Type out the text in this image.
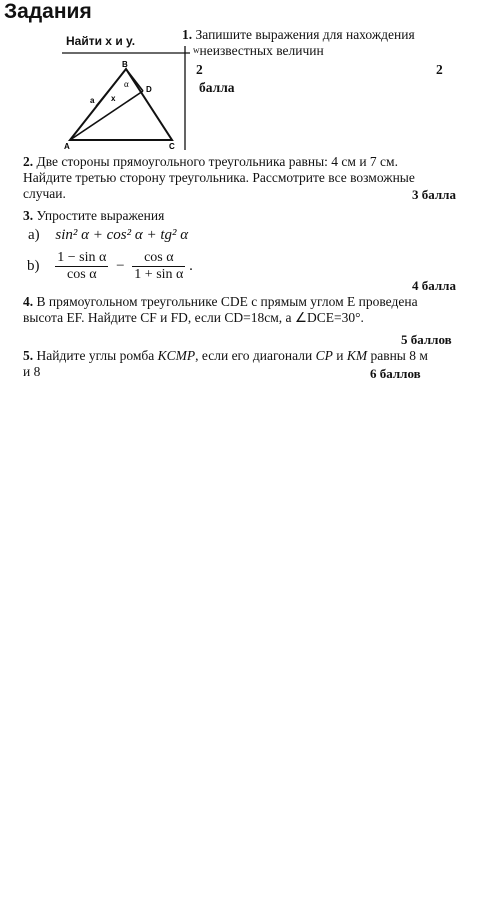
Задания
Найти x и y.
B
D
A	C
α
a x
1. Запишите выражения для нахождения
$^w$неизвестных величин
2	2
балла
2. Две стороны прямоугольного треугольника равны: 4 см и 7 см.
Найдите третью сторону треугольника. Рассмотрите все возможные
случаи.	3 балла
3. Упростите выражения
a) sin² α + cos² α + tg² α
$b) \frac{\text{1 − sin α}}{\text{cos α}} - \frac{\text{cos α}}{\text{1 + sin α}}$ .
4 балла
4. В прямоугольном треугольнике CDE с прямым углом E проведена
высота EF. Найдите CF и FD, если CD=18см, а ∠DCE=30°.
5 баллов
5. Найдите углы ромба KCMP, если его диагонали CP и KM равны 8 м
и 8	6 баллов
